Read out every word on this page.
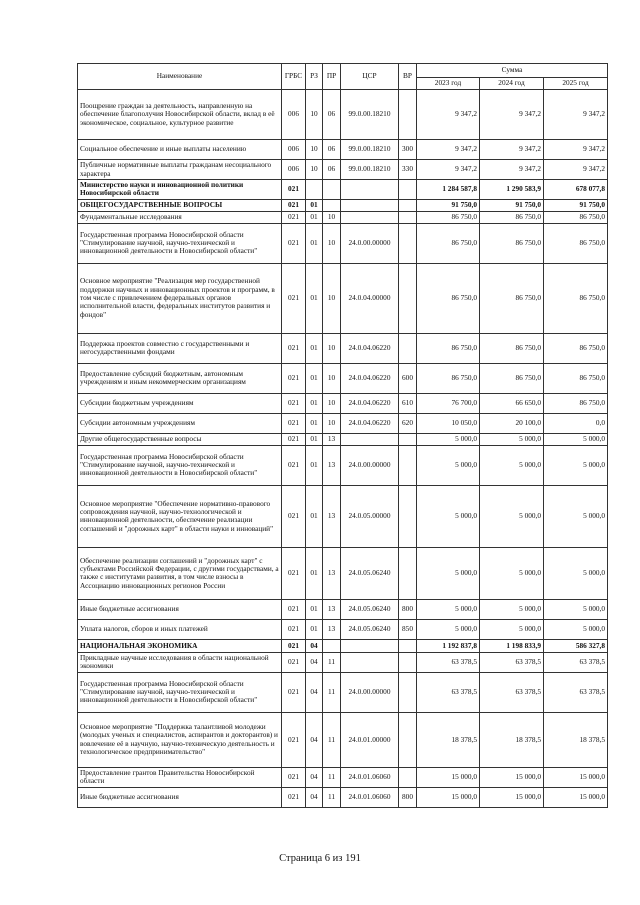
Наименование	ГРБС	РЗ	ПР	ЦСР	ВР	Сумма		
						2023 год	2024 год	2025 год
Поощрение граждан за деятельность, направленную на обеспечение благополучия Новосибирской области, вклад в её экономическое, социальное, культурное развитие	006	10	06	99.0.00.18210		9 347,2	9 347,2	9 347,2
Социальное обеспечение и иные выплаты населению	006	10	06	99.0.00.18210	300	9 347,2	9 347,2	9 347,2
Публичные нормативные выплаты гражданам несоциального характера	006	10	06	99.0.00.18210	330	9 347,2	9 347,2	9 347,2
Министерство науки и инновационной политики Новосибирской области	021					1 284 587,8	1 290 583,9	678 077,8
ОБЩЕГОСУДАРСТВЕННЫЕ ВОПРОСЫ	021	01				91 750,0	91 750,0	91 750,0
Фундаментальные исследования	021	01	10			86 750,0	86 750,0	86 750,0
Государственная программа Новосибирской области "Стимулирование научной, научно-технической и инновационной деятельности в Новосибирской области"	021	01	10	24.0.00.00000		86 750,0	86 750,0	86 750,0
Основное мероприятие "Реализация мер государственной поддержки научных и инновационных проектов и программ, в том числе с привлечением федеральных органов исполнительной власти, федеральных институтов развития и фондов"	021	01	10	24.0.04.00000		86 750,0	86 750,0	86 750,0
Поддержка проектов совместно с государственными и негосударственными фондами	021	01	10	24.0.04.06220		86 750,0	86 750,0	86 750,0
Предоставление субсидий бюджетным, автономным учреждениям и иным некоммерческим организациям	021	01	10	24.0.04.06220	600	86 750,0	86 750,0	86 750,0
Субсидии бюджетным учреждениям	021	01	10	24.0.04.06220	610	76 700,0	66 650,0	86 750,0
Субсидии автономным учреждениям	021	01	10	24.0.04.06220	620	10 050,0	20 100,0	0,0
Другие общегосударственные вопросы	021	01	13			5 000,0	5 000,0	5 000,0
Государственная программа Новосибирской области "Стимулирование научной, научно-технической и инновационной деятельности в Новосибирской области"	021	01	13	24.0.00.00000		5 000,0	5 000,0	5 000,0
Основное мероприятие "Обеспечение нормативно-правового сопровождения научной, научно-технологической и инновационной деятельности, обеспечение реализации соглашений и "дорожных карт" в области науки и инноваций"	021	01	13	24.0.05.00000		5 000,0	5 000,0	5 000,0
Обеспечение реализации соглашений и "дорожных карт" с субъектами Российской Федерации, с другими государствами, а также с институтами развития, в том числе взносы в Ассоциацию инновационных регионов России	021	01	13	24.0.05.06240		5 000,0	5 000,0	5 000,0
Иные бюджетные ассигнования	021	01	13	24.0.05.06240	800	5 000,0	5 000,0	5 000,0
Уплата налогов, сборов и иных платежей	021	01	13	24.0.05.06240	850	5 000,0	5 000,0	5 000,0
НАЦИОНАЛЬНАЯ ЭКОНОМИКА	021	04				1 192 837,8	1 198 833,9	586 327,8
Прикладные научные исследования в области национальной экономики	021	04	11			63 378,5	63 378,5	63 378,5
Государственная программа Новосибирской области "Стимулирование научной, научно-технической и инновационной деятельности в Новосибирской области"	021	04	11	24.0.00.00000		63 378,5	63 378,5	63 378,5
Основное мероприятие "Поддержка талантливой молодежи (молодых ученых и специалистов, аспирантов и докторантов) и вовлечение её в научную, научно-техническую деятельность и технологическое предпринимательство"	021	04	11	24.0.01.00000		18 378,5	18 378,5	18 378,5
Предоставление грантов Правительства Новосибирской области	021	04	11	24.0.01.06060		15 000,0	15 000,0	15 000,0
Иные бюджетные ассигнования	021	04	11	24.0.01.06060	800	15 000,0	15 000,0	15 000,0
Страница 6 из 191
